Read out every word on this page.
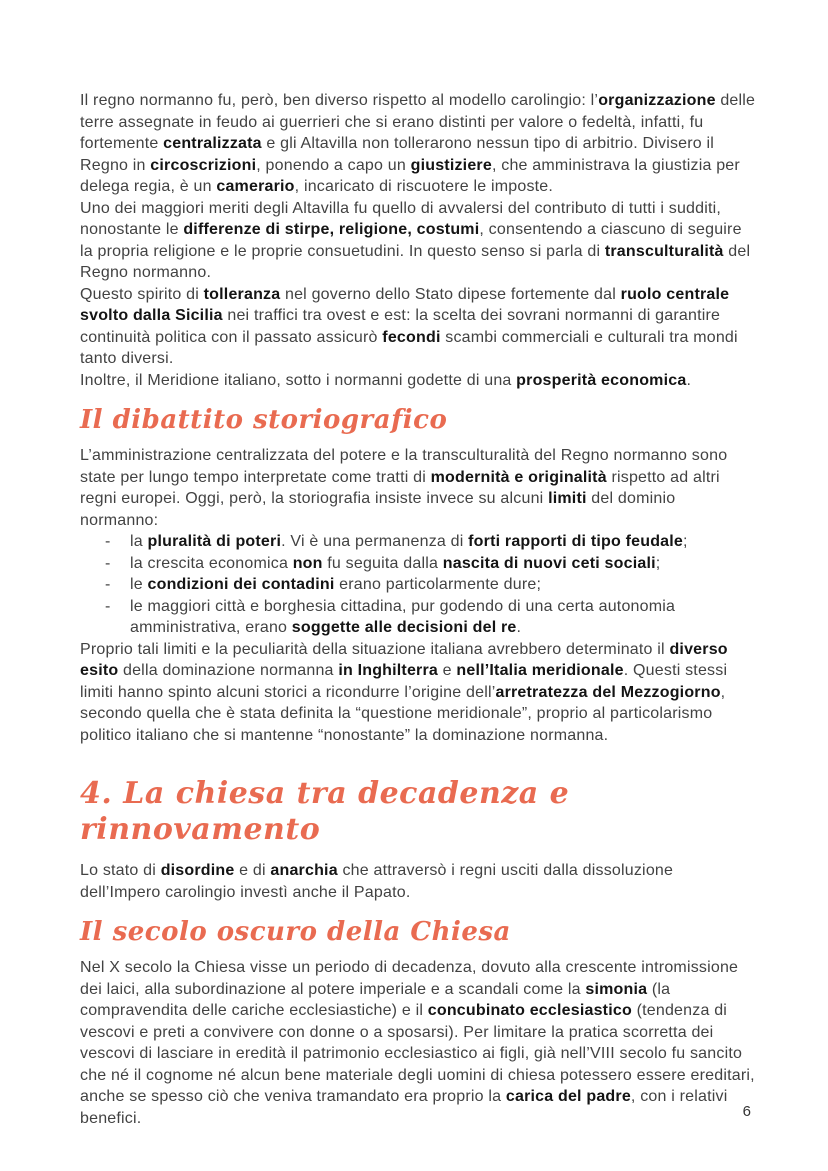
Il regno normanno fu, però, ben diverso rispetto al modello carolingio: l’organizzazione delle terre assegnate in feudo ai guerrieri che si erano distinti per valore o fedeltà, infatti, fu fortemente centralizzata e gli Altavilla non tollerarono nessun tipo di arbitrio. Divisero il Regno in circoscrizioni, ponendo a capo un giustiziere, che amministrava la giustizia per delega regia, è un camerario, incaricato di riscuotere le imposte.

Uno dei maggiori meriti degli Altavilla fu quello di avvalersi del contributo di tutti i sudditi, nonostante le differenze di stirpe, religione, costumi, consentendo a ciascuno di seguire la propria religione e le proprie consuetudini. In questo senso si parla di transculturalità del Regno normanno.

Questo spirito di tolleranza nel governo dello Stato dipese fortemente dal ruolo centrale svolto dalla Sicilia nei traffici tra ovest e est: la scelta dei sovrani normanni di garantire continuità politica con il passato assicurò fecondi scambi commerciali e culturali tra mondi tanto diversi.

Inoltre, il Meridione italiano, sotto i normanni godette di una prosperità economica.

Il dibattito storiografico

L’amministrazione centralizzata del potere e la transculturalità del Regno normanno sono state per lungo tempo interpretate come tratti di modernità e originalità rispetto ad altri regni europei. Oggi, però, la storiografia insiste invece su alcuni limiti del dominio normanno:

- la pluralità di poteri. Vi è una permanenza di forti rapporti di tipo feudale;
- la crescita economica non fu seguita dalla nascita di nuovi ceti sociali;
- le condizioni dei contadini erano particolarmente dure;
- le maggiori città e borghesia cittadina, pur godendo di una certa autonomia amministrativa, erano soggette alle decisioni del re.

Proprio tali limiti e la peculiarità della situazione italiana avrebbero determinato il diverso esito della dominazione normanna in Inghilterra e nell’Italia meridionale. Questi stessi limiti hanno spinto alcuni storici a ricondurre l’origine dell’arretratezza del Mezzogiorno, secondo quella che è stata definita la “questione meridionale”, proprio al particolarismo politico italiano che si mantenne “nonostante” la dominazione normanna.

4. La chiesa tra decadenza e rinnovamento

Lo stato di disordine e di anarchia che attraversò i regni usciti dalla dissoluzione dell’Impero carolingio investì anche il Papato.

Il secolo oscuro della Chiesa

Nel X secolo la Chiesa visse un periodo di decadenza, dovuto alla crescente intromissione dei laici, alla subordinazione al potere imperiale e a scandali come la simonia (la compravendita delle cariche ecclesiastiche) e il concubinato ecclesiastico (tendenza di vescovi e preti a convivere con donne o a sposarsi). Per limitare la pratica scorretta dei vescovi di lasciare in eredità il patrimonio ecclesiastico ai figli, già nell’VIII secolo fu sancito che né il cognome né alcun bene materiale degli uomini di chiesa potessero essere ereditari, anche se spesso ciò che veniva tramandato era proprio la carica del padre, con i relativi benefici.	6
